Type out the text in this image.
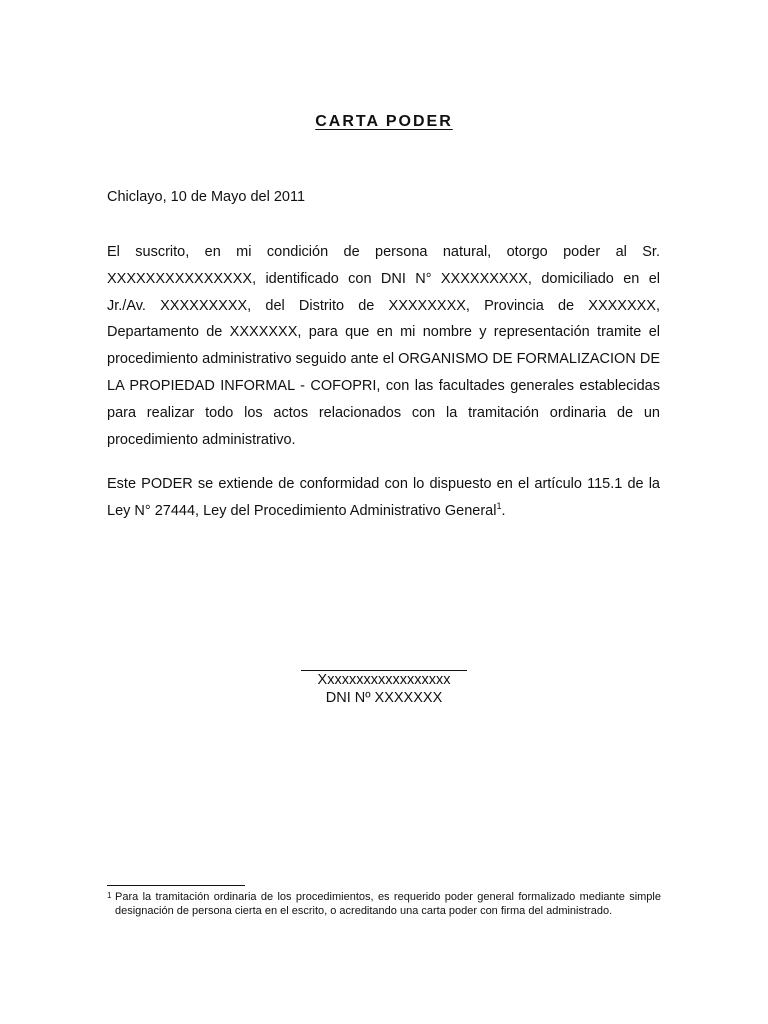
CARTA PODER
Chiclayo, 10 de Mayo del 2011

El suscrito, en mi condición de persona natural, otorgo poder al Sr. XXXXXXXXXXXXXXX, identificado con DNI N° XXXXXXXXX, domiciliado en el Jr./Av. XXXXXXXXX, del Distrito de XXXXXXXX, Provincia de XXXXXXX, Departamento de XXXXXXX, para que en mi nombre y representación tramite el procedimiento administrativo seguido ante el ORGANISMO DE FORMALIZACION DE LA PROPIEDAD INFORMAL - COFOPRI, con las facultades generales establecidas para realizar todo los actos relacionados con la tramitación ordinaria de un procedimiento administrativo.

Este PODER se extiende de conformidad con lo dispuesto en el artículo 115.1 de la Ley N° 27444, Ley del Procedimiento Administrativo General$^1$.

Xxxxxxxxxxxxxxxxxx
DNI Nº XXXXXXX
1 Para la tramitación ordinaria de los procedimientos, es requerido poder general formalizado mediante simple designación de persona cierta en el escrito, o acreditando una carta poder con firma del administrado.
